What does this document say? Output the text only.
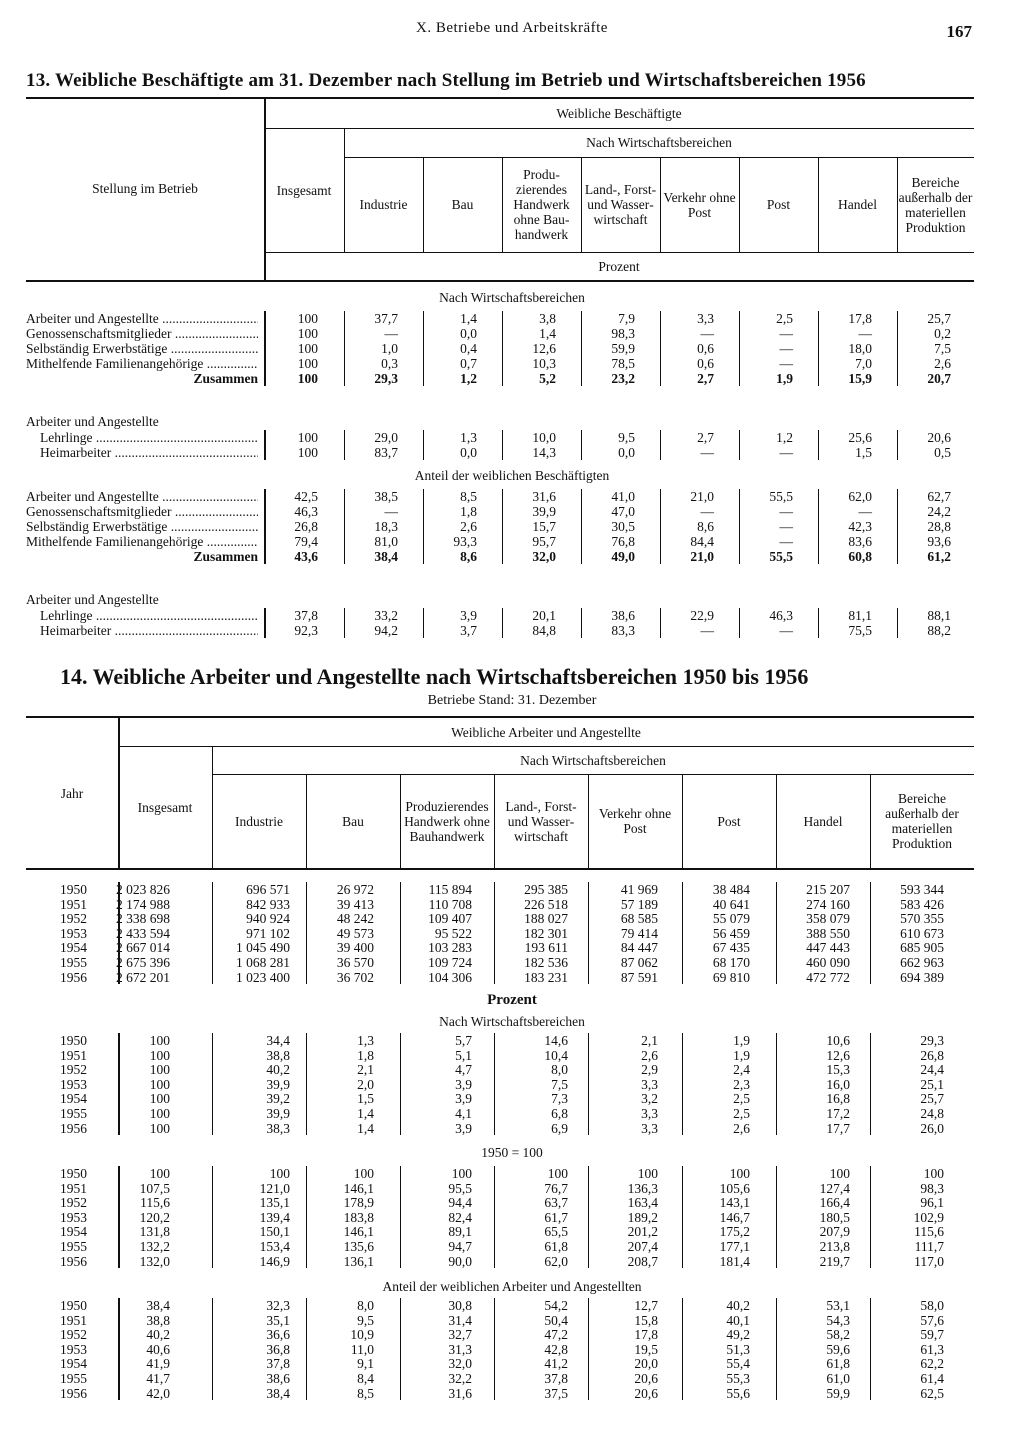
X. Betriebe und Arbeitskräfte	167
13. Weibliche Beschäftigte am 31. Dezember nach Stellung im Betrieb und Wirtschaftsbereichen 1956
Stellung im Betrieb
Weibliche Beschäftigte
Nach Wirtschaftsbereichen
Insgesamt
Industrie	Bau
Produzierendes Handwerk ohne Bauhandwerk
Land-, Forst- und Wasserwirtschaft
Verkehr ohne Post	Post	Handel
Bereiche außerhalb der materiellen Produktion
Prozent
Nach Wirtschaftsbereichen
Arbeiter und Angestellte .....	100	37,7	1,4	3,8	7,9	3,3	2,5	17,8	25,7
Genossenschaftsmitglieder .....	100	—	0,0	1,4	98,3	—	—	—	0,2
Selbständig Erwerbstätige .....	100	1,0	0,4	12,6	59,9	0,6	—	18,0	7,5
Mithelfende Familienangehörige .....	100	0,3	0,7	10,3	78,5	0,6	—	7,0	2,6
Zusammen	100	29,3	1,2	5,2	23,2	2,7	1,9	15,9	20,7
Arbeiter und Angestellte
Lehrlinge .....	100	29,0	1,3	10,0	9,5	2,7	1,2	25,6	20,6
Heimarbeiter .....	100	83,7	0,0	14,3	0,0	—	—	1,5	0,5
Anteil der weiblichen Beschäftigten
Arbeiter und Angestellte .....	42,5	38,5	8,5	31,6	41,0	21,0	55,5	62,0	62,7
Genossenschaftsmitglieder .....	46,3	—	1,8	39,9	47,0	—	—	—	24,2
Selbständig Erwerbstätige .....	26,8	18,3	2,6	15,7	30,5	8,6	—	42,3	28,8
Mithelfende Familienangehörige .....	79,4	81,0	93,3	95,7	76,8	84,4	—	83,6	93,6
Zusammen	43,6	38,4	8,6	32,0	49,0	21,0	55,5	60,8	61,2
Arbeiter und Angestellte
Lehrlinge .....	37,8	33,2	3,9	20,1	38,6	22,9	46,3	81,1	88,1
Heimarbeiter .....	92,3	94,2	3,7	84,8	83,3	—	—	75,5	88,2
14. Weibliche Arbeiter und Angestellte nach Wirtschaftsbereichen 1950 bis 1956
Betriebe Stand: 31. Dezember
Jahr
Weibliche Arbeiter und Angestellte
Nach Wirtschaftsbereichen
Insgesamt
Industrie	Bau
Produzierendes Handwerk ohne Bauhandwerk
Land-, Forst- und Wasserwirtschaft
Verkehr ohne Post	Post	Handel
Bereiche außerhalb der materiellen Produktion
1950	2 023 826	696 571	26 972	115 894	295 385	41 969	38 484	215 207	593 344
1951	2 174 988	842 933	39 413	110 708	226 518	57 189	40 641	274 160	583 426
1952	2 338 698	940 924	48 242	109 407	188 027	68 585	55 079	358 079	570 355
1953	2 433 594	971 102	49 573	95 522	182 301	79 414	56 459	388 550	610 673
1954	2 667 014	1 045 490	39 400	103 283	193 611	84 447	67 435	447 443	685 905
1955	2 675 396	1 068 281	36 570	109 724	182 536	87 062	68 170	460 090	662 963
1956	2 672 201	1 023 400	36 702	104 306	183 231	87 591	69 810	472 772	694 389
Prozent
Nach Wirtschaftsbereichen
1950	100	34,4	1,3	5,7	14,6	2,1	1,9	10,6	29,3
1951	100	38,8	1,8	5,1	10,4	2,6	1,9	12,6	26,8
1952	100	40,2	2,1	4,7	8,0	2,9	2,4	15,3	24,4
1953	100	39,9	2,0	3,9	7,5	3,3	2,3	16,0	25,1
1954	100	39,2	1,5	3,9	7,3	3,2	2,5	16,8	25,7
1955	100	39,9	1,4	4,1	6,8	3,3	2,5	17,2	24,8
1956	100	38,3	1,4	3,9	6,9	3,3	2,6	17,7	26,0
1950 = 100
1950	100	100	100	100	100	100	100	100	100
1951	107,5	121,0	146,1	95,5	76,7	136,3	105,6	127,4	98,3
1952	115,6	135,1	178,9	94,4	63,7	163,4	143,1	166,4	96,1
1953	120,2	139,4	183,8	82,4	61,7	189,2	146,7	180,5	102,9
1954	131,8	150,1	146,1	89,1	65,5	201,2	175,2	207,9	115,6
1955	132,2	153,4	135,6	94,7	61,8	207,4	177,1	213,8	111,7
1956	132,0	146,9	136,1	90,0	62,0	208,7	181,4	219,7	117,0
Anteil der weiblichen Arbeiter und Angestellten
1950	38,4	32,3	8,0	30,8	54,2	12,7	40,2	53,1	58,0
1951	38,8	35,1	9,5	31,4	50,4	15,8	40,1	54,3	57,6
1952	40,2	36,6	10,9	32,7	47,2	17,8	49,2	58,2	59,7
1953	40,6	36,8	11,0	31,3	42,8	19,5	51,3	59,6	61,3
1954	41,9	37,8	9,1	32,0	41,2	20,0	55,4	61,8	62,2
1955	41,7	38,6	8,4	32,2	37,8	20,6	55,3	61,0	61,4
1956	42,0	38,4	8,5	31,6	37,5	20,6	55,6	59,9	62,5
